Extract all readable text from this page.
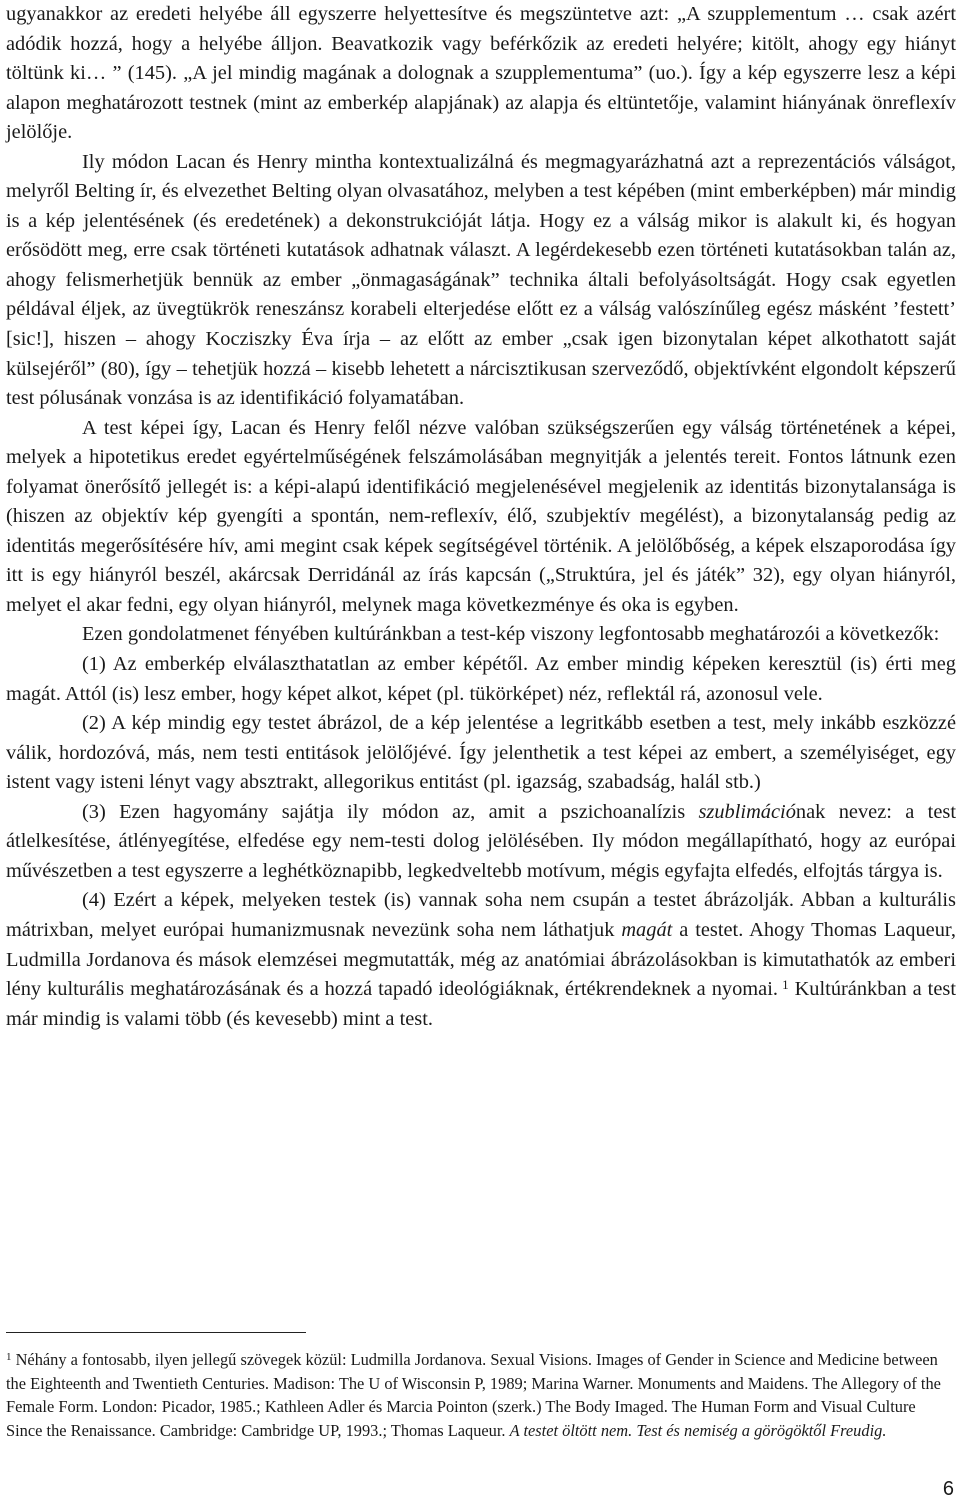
ugyanakkor az eredeti helyébe áll egyszerre helyettesítve és megszüntetve azt: „A szupplementum … csak azért adódik hozzá, hogy a helyébe álljon. Beavatkozik vagy beférkőzik az eredeti helyére; kitölt, ahogy egy hiányt töltünk ki… ” (145). „A jel mindig magának a dolognak a szupplementuma” (uo.). Így a kép egyszerre lesz a képi alapon meghatározott testnek (mint az emberkép alapjának) az alapja és eltüntetője, valamint hiányának önreflexív jelölője.

Ily módon Lacan és Henry mintha kontextualizálná és megmagyarázhatná azt a reprezentációs válságot, melyről Belting ír, és elvezethet Belting olyan olvasatához, melyben a test képében (mint emberképben) már mindig is a kép jelentésének (és eredetének) a dekonstrukcióját látja. Hogy ez a válság mikor is alakult ki, és hogyan erősödött meg, erre csak történeti kutatások adhatnak választ. A legérdekesebb ezen történeti kutatásokban talán az, ahogy felismerhetjük bennük az ember „önmagaságának” technika általi befolyásoltságát. Hogy csak egyetlen példával éljek, az üvegtükrök reneszánsz korabeli elterjedése előtt ez a válság valószínűleg egész másként ’festett’ [sic!], hiszen – ahogy Kocziszky Éva írja – az előtt az ember „csak igen bizonytalan képet alkothatott saját külsejéről” (80), így – tehetjük hozzá – kisebb lehetett a nárcisztikusan szerveződő, objektívként elgondolt képszerű test pólusának vonzása is az identifikáció folyamatában.

A test képei így, Lacan és Henry felől nézve valóban szükségszerűen egy válság történetének a képei, melyek a hipotetikus eredet egyértelműségének felszámolásában megnyitják a jelentés tereit. Fontos látnunk ezen folyamat önerősítő jellegét is: a képi-alapú identifikáció megjelenésével megjelenik az identitás bizonytalansága is (hiszen az objektív kép gyengíti a spontán, nem-reflexív, élő, szubjektív megélést), a bizonytalanság pedig az identitás megerősítésére hív, ami megint csak képek segítségével történik. A jelölőbőség, a képek elszaporodása így itt is egy hiányról beszél, akárcsak Derridánál az írás kapcsán („Struktúra, jel és játék” 32), egy olyan hiányról, melyet el akar fedni, egy olyan hiányról, melynek maga következménye és oka is egyben.

Ezen gondolatmenet fényében kultúránkban a test-kép viszony legfontosabb meghatározói a következők:

(1) Az emberkép elválaszthatatlan az ember képétől. Az ember mindig képeken keresztül (is) érti meg magát. Attól (is) lesz ember, hogy képet alkot, képet (pl. tükörképet) néz, reflektál rá, azonosul vele.

(2) A kép mindig egy testet ábrázol, de a kép jelentése a legritkább esetben a test, mely inkább eszközzé válik, hordozóvá, más, nem testi entitások jelölőjévé. Így jelenthetik a test képei az embert, a személyiséget, egy istent vagy isteni lényt vagy absztrakt, allegorikus entitást (pl. igazság, szabadság, halál stb.)

(3) Ezen hagyomány sajátja ily módon az, amit a pszichoanalízis szublimációnak nevez: a test átlelkesítése, átlényegítése, elfedése egy nem-testi dolog jelölésében. Ily módon megállapítható, hogy az európai művészetben a test egyszerre a leghétköznapibb, legkedveltebb motívum, mégis egyfajta elfedés, elfojtás tárgya is.

(4) Ezért a képek, melyeken testek (is) vannak soha nem csupán a testet ábrázolják. Abban a kulturális mátrixban, melyet európai humanizmusnak nevezünk soha nem láthatjuk magát a testet. Ahogy Thomas Laqueur, Ludmilla Jordanova és mások elemzései megmutatták, még az anatómiai ábrázolásokban is kimutathatók az emberi lény kulturális meghatározásának és a hozzá tapadó ideológiáknak, értékrendeknek a nyomai. $^1$ Kultúránkban a test már mindig is valami több (és kevesebb) mint a test.

$^1$ Néhány a fontosabb, ilyen jellegű szövegek közül: Ludmilla Jordanova. Sexual Visions. Images of Gender in Science and Medicine between the Eighteenth and Twentieth Centuries. Madison: The U of Wisconsin P, 1989; Marina Warner. Monuments and Maidens. The Allegory of the Female Form. London: Picador, 1985.; Kathleen Adler és Marcia Pointon (szerk.) The Body Imaged. The Human Form and Visual Culture Since the Renaissance. Cambridge: Cambridge UP, 1993.; Thomas Laqueur. A testet öltött nem. Test és nemiség a görögöktől Freudig.

6
